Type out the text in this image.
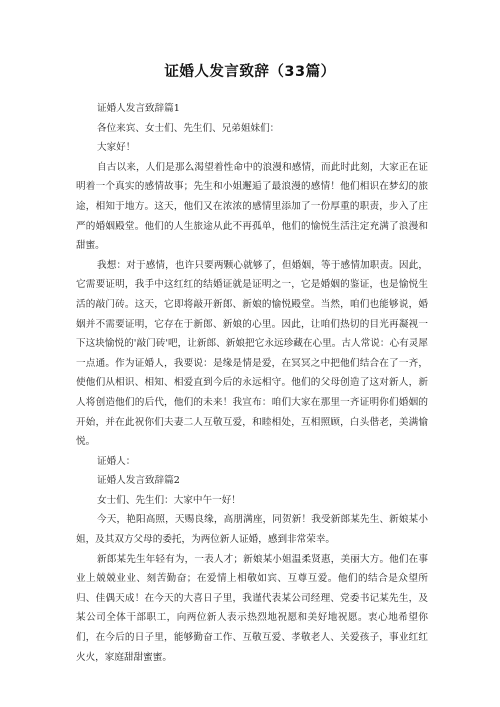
证婚人发言致辞（33篇）

证婚人发言致辞篇1

各位来宾、女士们、先生们、兄弟姐妹们：

大家好！

自古以来，人们是那么渴望着性命中的浪漫和感情，而此时此刻，大家正在证明着一个真实的感情故事；先生和小姐邂逅了最浪漫的感情！他们相识在梦幻的旅途，相知于地方。这天，他们又在浓浓的感情里添加了一份厚重的职责，步入了庄严的婚姻殿堂。他们的人生旅途从此不再孤单，他们的愉悦生活注定充满了浪漫和甜蜜。

我想：对于感情，也许只要两颗心就够了，但婚姻，等于感情加职责。因此，它需要证明，我手中这红红的结婚证就是证明之一，它是婚姻的鉴证，也是愉悦生活的敲门砖。这天，它即将敲开新郎、新娘的愉悦殿堂。当然，咱们也能够说，婚姻并不需要证明，它存在于新郎、新娘的心里。因此，让咱们热切的目光再凝视一下这块愉悦的'敲门砖'吧，让新郎、新娘把它永远珍藏在心里。古人常说：心有灵犀一点通。作为证婚人，我要说：是缘是情是爱，在冥冥之中把他们结合在了一齐，使他们从相识、相知、相爱直到今后的永远相守。他们的父母创造了这对新人，新人将创造他们的后代，他们的未来！我宣布：咱们大家在那里一齐证明你们婚姻的开始，并在此祝你们夫妻二人互敬互爱，和睦相处，互相照顾，白头偕老，美满愉悦。

证婚人：

证婚人发言致辞篇2

女士们、先生们：大家中午一好！

今天，艳阳高照，天赐良缘，高朋满座，同贺新！我受新郎某先生、新娘某小姐，及其双方父母的委托，为两位新人证婚，感到非常荣幸。

新郎某先生年轻有为，一表人才；新娘某小姐温柔贤惠，美丽大方。他们在事业上兢兢业业、刻苦勤奋；在爱情上相敬如宾、互尊互爱。他们的结合是众望所归、佳偶天成！在今天的大喜日子里，我谨代表某公司经理、党委书记某先生，及某公司全体干部职工，向两位新人表示热烈地祝愿和美好地祝愿。衷心地希望你们，在今后的日子里，能够勤奋工作、互敬互爱、孝敬老人、关爱孩子，事业红红火火，家庭甜甜蜜蜜。
